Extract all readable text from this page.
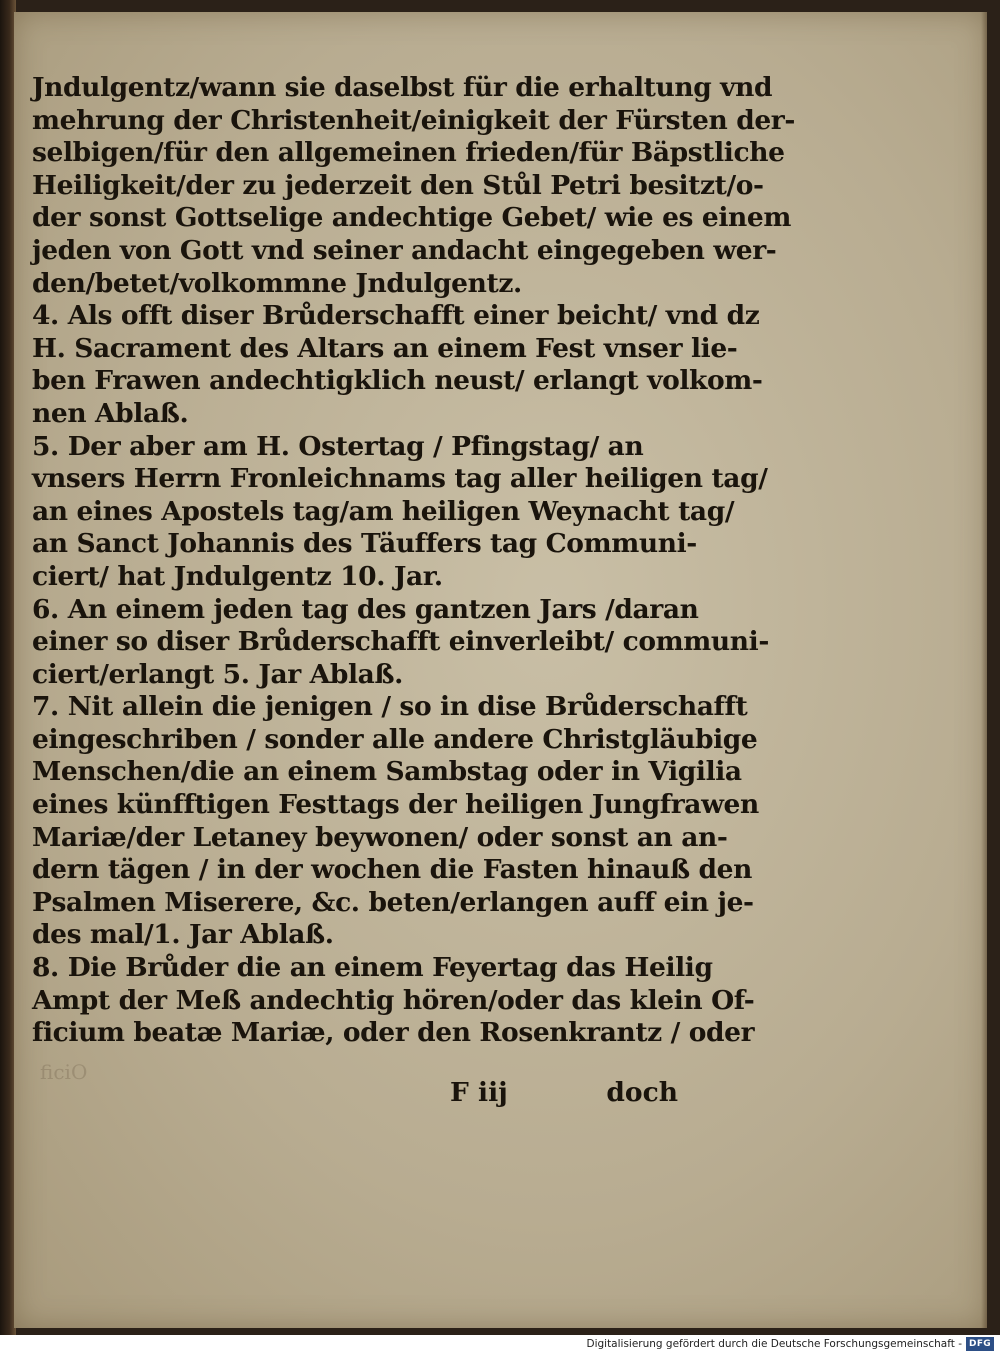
ficiO
Jndulgentz/wann sie daselbst für die erhaltung vnd
mehrung der Christenheit/einigkeit der Fürsten der-
selbigen/für den allgemeinen frieden/für Bäpstliche
Heiligkeit/der zu jederzeit den Stůl Petri besitzt/o-
der sonst Gottselige andechtige Gebet/ wie es einem
jeden von Gott vnd seiner andacht eingegeben wer-
den/betet/volkommne Jndulgentz.
4. Als offt diser Brůderschafft einer beicht/ vnd dz
H. Sacrament des Altars an einem Fest vnser lie-
ben Frawen andechtigklich neust/ erlangt volkom-
nen Ablaß.
5. Der aber am H. Ostertag / Pfingstag/ an
vnsers Herrn Fronleichnams tag aller heiligen tag/
an eines Apostels tag/am heiligen Weynacht tag/
an Sanct Johannis des Täuffers tag Communi-
ciert/ hat Jndulgentz 10. Jar.
6. An einem jeden tag des gantzen Jars /daran
einer so diser Brůderschafft einverleibt/ communi-
ciert/erlangt 5. Jar Ablaß.
7. Nit allein die jenigen / so in dise Brůderschafft
eingeschriben / sonder alle andere Christgläubige
Menschen/die an einem Sambstag oder in Vigilia
eines künfftigen Festtags der heiligen Jungfrawen
Mariæ/der Letaney beywonen/ oder sonst an an-
dern tägen / in der wochen die Fasten hinauß den
Psalmen Miserere, &c. beten/erlangen auff ein je-
des mal/1. Jar Ablaß.
8. Die Brůder die an einem Feyertag das Heilig
Ampt der Meß andechtig hören/oder das klein Of-
ficium beatæ Mariæ, oder den Rosenkrantz / oder
F iij	doch
Digitalisierung gefördert durch die Deutsche Forschungsgemeinschaft - DFG
